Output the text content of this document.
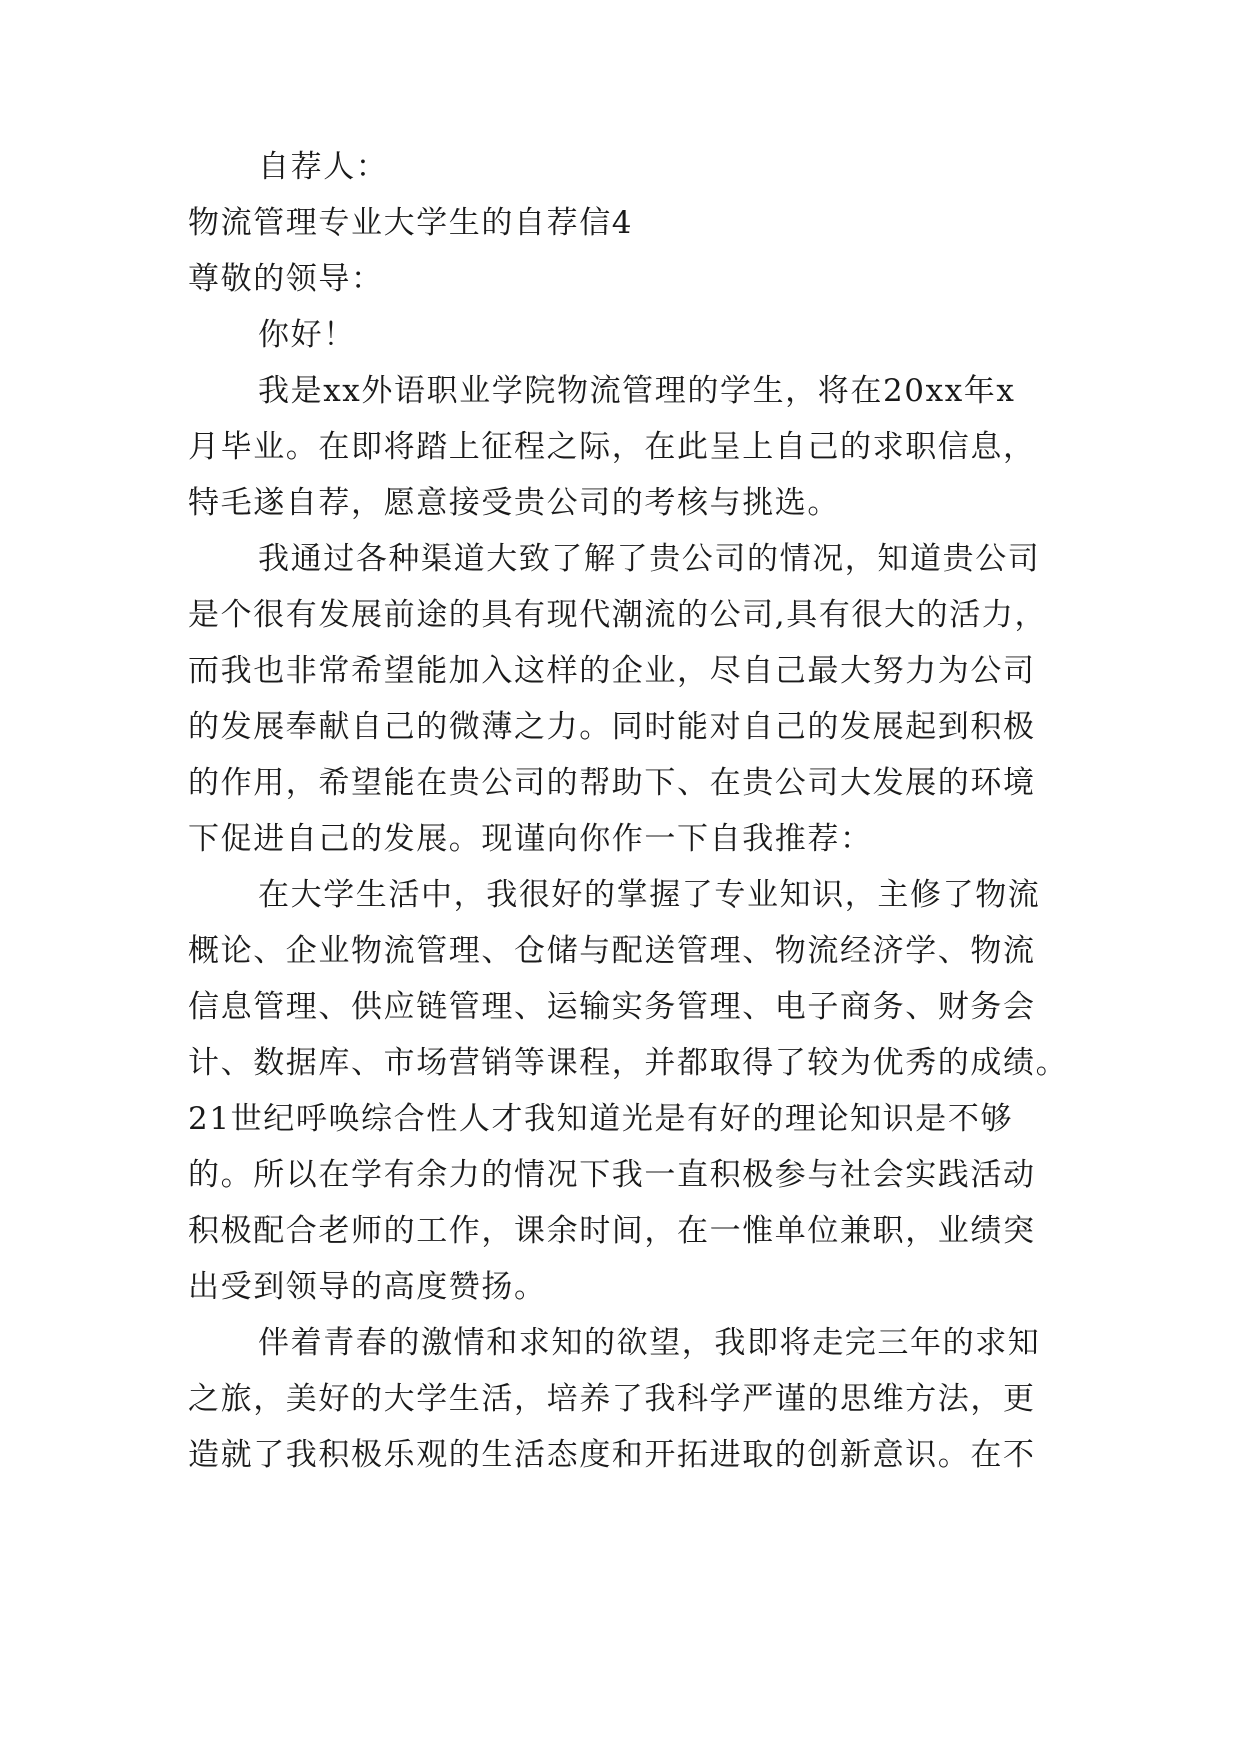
自荐人：
物流管理专业大学生的自荐信4
尊敬的领导：
你好！
我是xx外语职业学院物流管理的学生，将在20xx年x
月毕业。在即将踏上征程之际，在此呈上自己的求职信息，
特毛遂自荐，愿意接受贵公司的考核与挑选。
我通过各种渠道大致了解了贵公司的情况，知道贵公司
是个很有发展前途的具有现代潮流的公司,具有很大的活力，
而我也非常希望能加入这样的企业，尽自己最大努力为公司
的发展奉献自己的微薄之力。同时能对自己的发展起到积极
的作用，希望能在贵公司的帮助下、在贵公司大发展的环境
下促进自己的发展。现谨向你作一下自我推荐：
在大学生活中，我很好的掌握了专业知识，主修了物流
概论、企业物流管理、仓储与配送管理、物流经济学、物流
信息管理、供应链管理、运输实务管理、电子商务、财务会
计、数据库、市场营销等课程，并都取得了较为优秀的成绩。
21世纪呼唤综合性人才我知道光是有好的理论知识是不够
的。所以在学有余力的情况下我一直积极参与社会实践活动
积极配合老师的工作，课余时间，在一惟单位兼职，业绩突
出受到领导的高度赞扬。
伴着青春的激情和求知的欲望，我即将走完三年的求知
之旅，美好的大学生活，培养了我科学严谨的思维方法，更
造就了我积极乐观的生活态度和开拓进取的创新意识。在不
